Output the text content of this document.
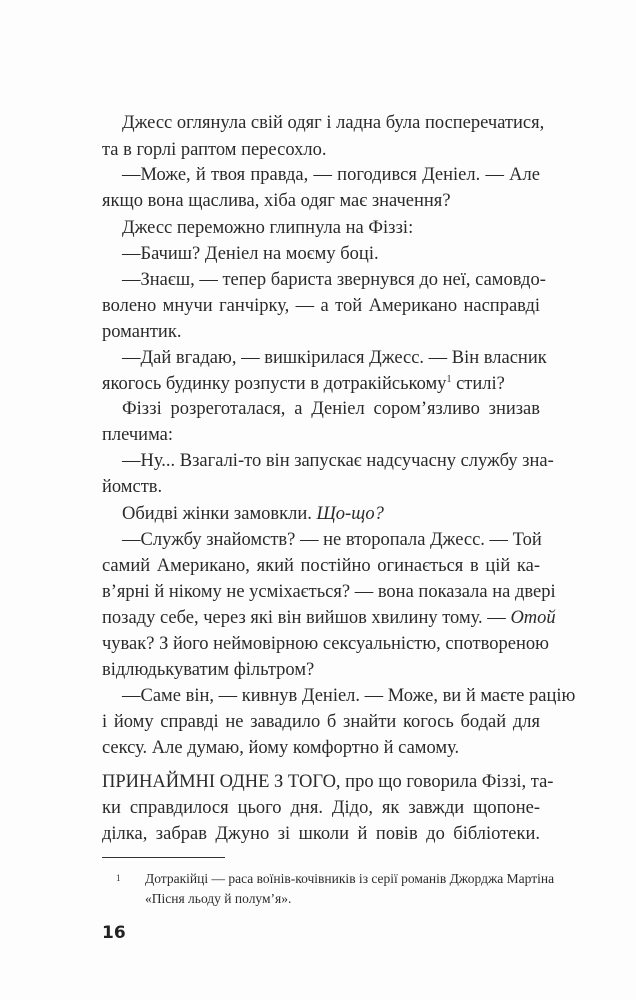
Джесс оглянула свій одяг і ладна була посперечатися,
та в горлі раптом пересохло.
—Може, й твоя правда, — погодився Деніел. — Але
якщо вона щаслива, хіба одяг має значення?
Джесс переможно глипнула на Фіззі:
—Бачиш? Деніел на моєму боці.
—Знаєш, — тепер бариста звернувся до неї, самовдо-
волено мнучи ганчірку, — а той Американо насправді
романтик.
—Дай вгадаю, — вишкірилася Джесс. — Він власник
якогось будинку розпусти в дотракійському$^1$ стилі?
Фіззі розреготалася, а Деніел сором’язливо знизав
плечима:
—Ну... Взагалі-то він запускає надсучасну службу зна-
йомств.
Обидві жінки замовкли. Що-що?
—Службу знайомств? — не второпала Джесс. — Той
самий Американо, який постійно огинається в цій ка-
в’ярні й нікому не усміхається? — вона показала на двері
позаду себе, через які він вийшов хвилину тому. — Отой
чувак? З його неймовірною сексуальністю, спотвореною
відлюдькуватим фільтром?
—Саме він, — кивнув Деніел. — Може, ви й маєте рацію
і йому справді не завадило б знайти когось бодай для
сексу. Але думаю, йому комфортно й самому.
ПРИНАЙМНІ ОДНЕ З ТОГО, про що говорила Фіззі, та-
ки справдилося цього дня. Дідо, як завжди щопоне-
ділка, забрав Джуно зі школи й повів до бібліотеки.
1 Дотракійці — раса воїнів-кочівників із серії романів Джорджа Мартіна
«Пісня льоду й полум’я».
16
